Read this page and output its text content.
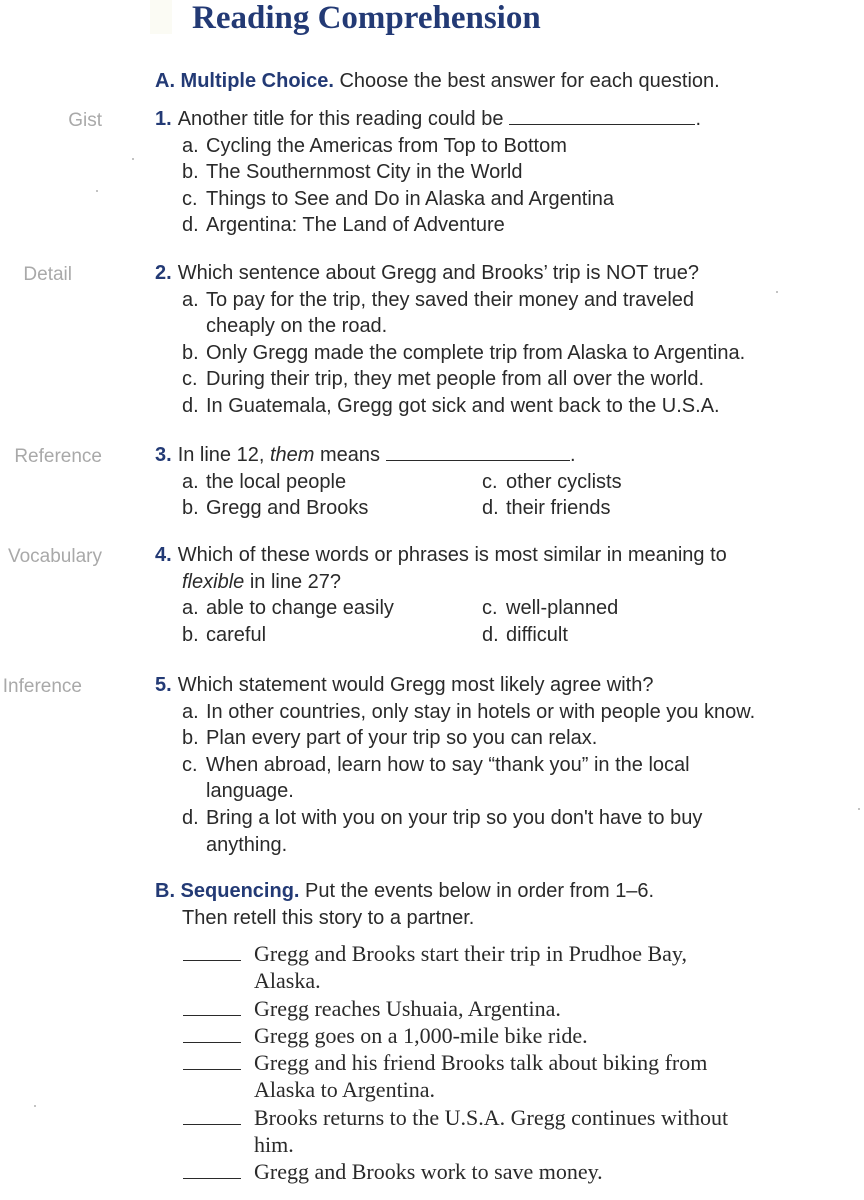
Reading Comprehension
A. Multiple Choice. Choose the best answer for each question.
Gist	1. Another title for this reading could be	.
a. Cycling the Americas from Top to Bottom
b. The Southernmost City in the World
c. Things to See and Do in Alaska and Argentina
d. Argentina: The Land of Adventure
Detail	2. Which sentence about Gregg and Brooks’ trip is NOT true?
a. To pay for the trip, they saved their money and traveled cheaply on the road.
b. Only Gregg made the complete trip from Alaska to Argentina.
c. During their trip, they met people from all over the world.
d. In Guatemala, Gregg got sick and went back to the U.S.A.
Reference	3. In line 12, them means	.
a. the local people	c. other cyclists
b. Gregg and Brooks	d. their friends
Vocabulary	4. Which of these words or phrases is most similar in meaning to
flexible in line 27?
a. able to change easily	c. well-planned
b. careful	d. difficult
Inference	5. Which statement would Gregg most likely agree with?
a. In other countries, only stay in hotels or with people you know.
b. Plan every part of your trip so you can relax.
c. When abroad, learn how to say “thank you” in the local language.
d. Bring a lot with you on your trip so you don't have to buy anything.
B. Sequencing. Put the events below in order from 1–6.
Then retell this story to a partner.
Gregg and Brooks start their trip in Prudhoe Bay, Alaska.
Gregg reaches Ushuaia, Argentina.
Gregg goes on a 1,000-mile bike ride.
Gregg and his friend Brooks talk about biking from Alaska to Argentina.
Brooks returns to the U.S.A. Gregg continues without him.
Gregg and Brooks work to save money.
